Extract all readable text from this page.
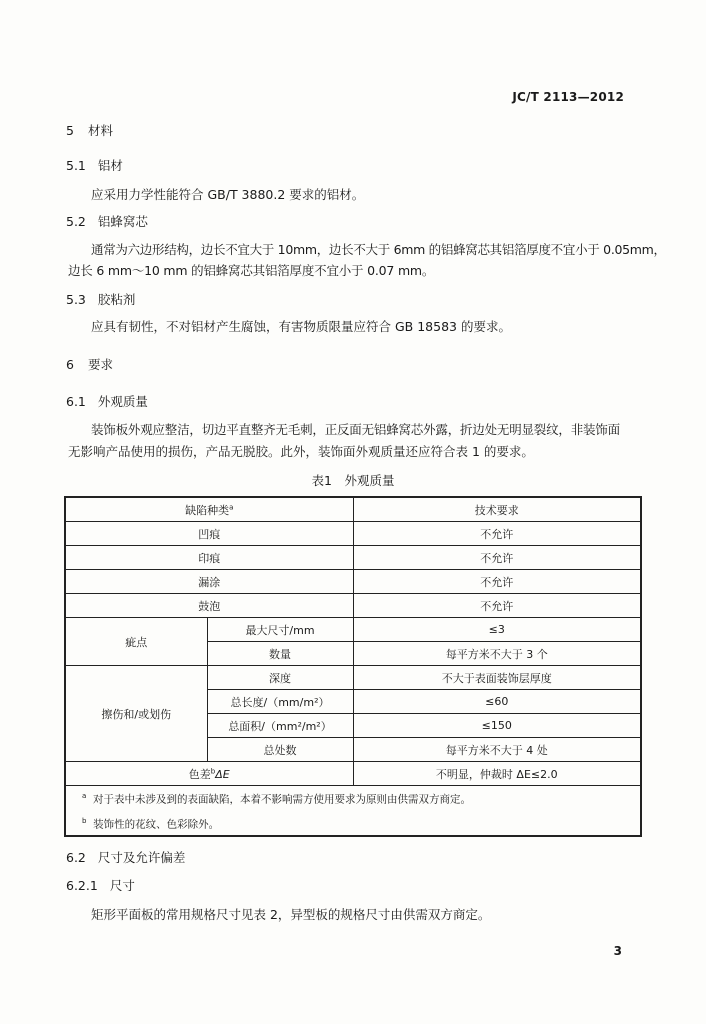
JC/T 2113—2012
5 材料
5.1 铝材
应采用力学性能符合 GB/T 3880.2 要求的铝材。
5.2 铝蜂窝芯
通常为六边形结构，边长不宜大于 10mm，边长不大于 6mm 的铝蜂窝芯其铝箔厚度不宜小于 0.05mm，
边长 6 mm～10 mm 的铝蜂窝芯其铝箔厚度不宜小于 0.07 mm。
5.3 胶粘剂
应具有韧性，不对铝材产生腐蚀，有害物质限量应符合 GB 18583 的要求。
6 要求
6.1 外观质量
装饰板外观应整洁，切边平直整齐无毛刺，正反面无铝蜂窝芯外露，折边处无明显裂纹，非装饰面
无影响产品使用的损伤，产品无脱胶。此外，装饰面外观质量还应符合表 1 的要求。
表1　外观质量
缺陷种类$^a$		技术要求
凹痕		不允许
印痕		不允许
漏涂		不允许
鼓泡		不允许
疵点	最大尺寸/mm	≤3
	数量	每平方米不大于 3 个
擦伤和/或划伤	深度	不大于表面装饰层厚度
	总长度/（mm/m²）	≤60
	总面积/（mm²/m²）	≤150
	总处数	每平方米不大于 4 处
色差$^b$ΔE		不明显，仲裁时 ΔE≤2.0

$^a$ 对于表中未涉及到的表面缺陷，本着不影响需方使用要求为原则由供需双方商定。
$^b$ 装饰性的花纹、色彩除外。		
6.2 尺寸及允许偏差
6.2.1 尺寸
矩形平面板的常用规格尺寸见表 2，异型板的规格尺寸由供需双方商定。
3
